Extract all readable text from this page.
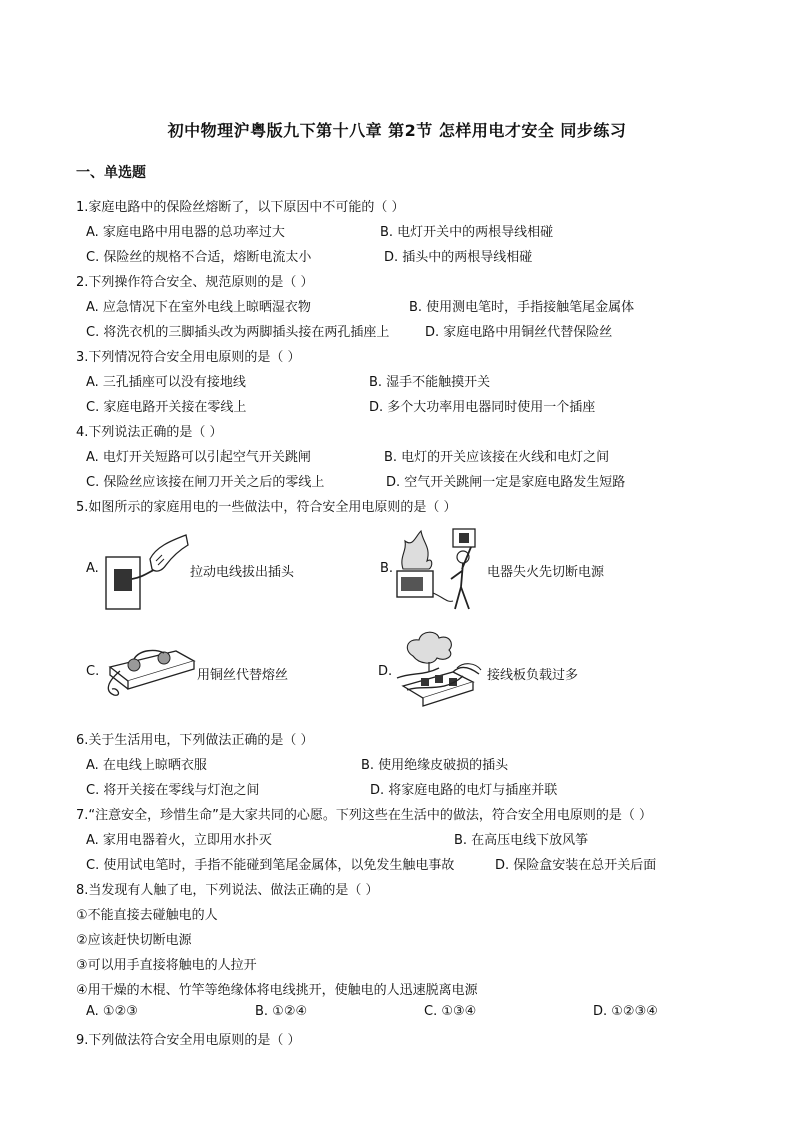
初中物理沪粤版九下第十八章 第2节 怎样用电才安全 同步练习
一、单选题
1.家庭电路中的保险丝熔断了，以下原因中不可能的（ ）
A. 家庭电路中用电器的总功率过大	B. 电灯开关中的两根导线相碰
C. 保险丝的规格不合适，熔断电流太小	D. 插头中的两根导线相碰
2.下列操作符合安全、规范原则的是（ ）
A. 应急情况下在室外电线上晾晒湿衣物	B. 使用测电笔时，手指接触笔尾金属体
C. 将洗衣机的三脚插头改为两脚插头接在两孔插座上	D. 家庭电路中用铜丝代替保险丝
3.下列情况符合安全用电原则的是（ ）
A. 三孔插座可以没有接地线	B. 湿手不能触摸开关
C. 家庭电路开关接在零线上	D. 多个大功率用电器同时使用一个插座
4.下列说法正确的是（ ）
A. 电灯开关短路可以引起空气开关跳闸	B. 电灯的开关应该接在火线和电灯之间
C. 保险丝应该接在闸刀开关之后的零线上	D. 空气开关跳闸一定是家庭电路发生短路
5.如图所示的家庭用电的一些做法中，符合安全用电原则的是（ ）
A.	拉动电线拔出插头	B.	电器失火先切断电源
C.	用铜丝代替熔丝	D.	接线板负载过多
6.关于生活用电，下列做法正确的是（ ）
A. 在电线上晾晒衣服	B. 使用绝缘皮破损的插头
C. 将开关接在零线与灯泡之间	D. 将家庭电路的电灯与插座并联
7.“注意安全，珍惜生命”是大家共同的心愿。下列这些在生活中的做法，符合安全用电原则的是（ ）
A. 家用电器着火，立即用水扑灭	B. 在高压电线下放风筝
C. 使用试电笔时，手指不能碰到笔尾金属体，以免发生触电事故	D. 保险盒安装在总开关后面
8.当发现有人触了电，下列说法、做法正确的是（ ）
①不能直接去碰触电的人
②应该赶快切断电源
③可以用手直接将触电的人拉开
④用干燥的木棍、竹竿等绝缘体将电线挑开，使触电的人迅速脱离电源
A. ①②③	B. ①②④	C. ①③④	D. ①②③④
9.下列做法符合安全用电原则的是（ ）
